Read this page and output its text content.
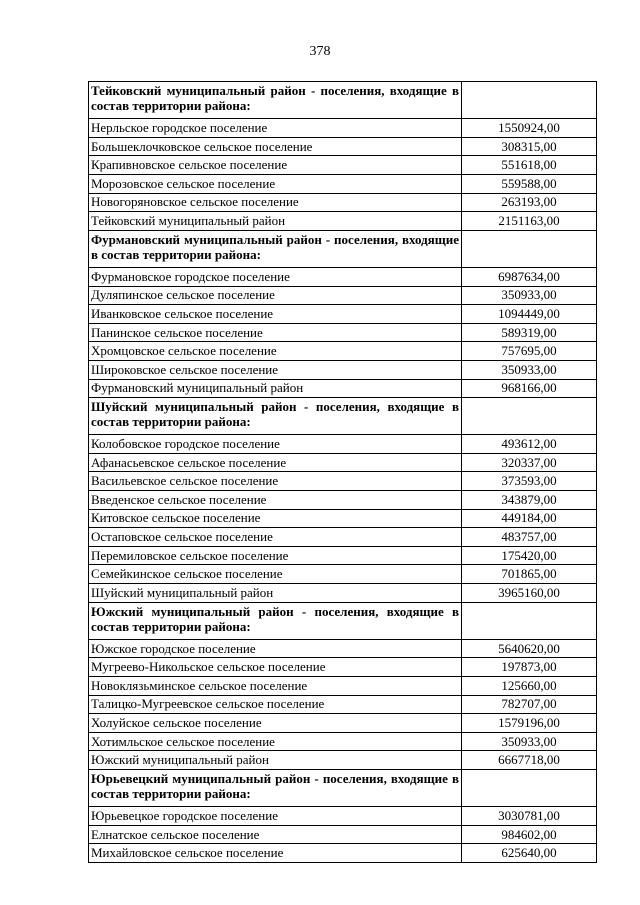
378
Тейковский муниципальный район - поселения, входящие в состав территории района:	
Нерльское городское поселение	1550924,00
Большеклочковское сельское поселение	308315,00
Крапивновское сельское поселение	551618,00
Морозовское сельское поселение	559588,00
Новогоряновское сельское поселение	263193,00
Тейковский муниципальный район	2151163,00
Фурмановский муниципальный район - поселения, входящие в состав территории района:	
Фурмановское городское поселение	6987634,00
Дуляпинское сельское поселение	350933,00
Иванковское сельское поселение	1094449,00
Панинское сельское поселение	589319,00
Хромцовское сельское поселение	757695,00
Широковское сельское поселение	350933,00
Фурмановский муниципальный район	968166,00
Шуйский муниципальный район - поселения, входящие в состав территории района:	
Колобовское городское поселение	493612,00
Афанасьевское сельское поселение	320337,00
Васильевское сельское поселение	373593,00
Введенское сельское поселение	343879,00
Китовское сельское поселение	449184,00
Остаповское сельское поселение	483757,00
Перемиловское сельское поселение	175420,00
Семейкинское сельское поселение	701865,00
Шуйский муниципальный район	3965160,00
Южский муниципальный район - поселения, входящие в состав территории района:	
Южское городское поселение	5640620,00
Мугреево-Никольское сельское поселение	197873,00
Новоклязьминское сельское поселение	125660,00
Талицко-Мугреевское сельское поселение	782707,00
Холуйское сельское поселение	1579196,00
Хотимльское сельское поселение	350933,00
Южский муниципальный район	6667718,00
Юрьевецкий муниципальный район - поселения, входящие в состав территории района:	
Юрьевецкое городское поселение	3030781,00
Елнатское сельское поселение	984602,00
Михайловское сельское поселение	625640,00
